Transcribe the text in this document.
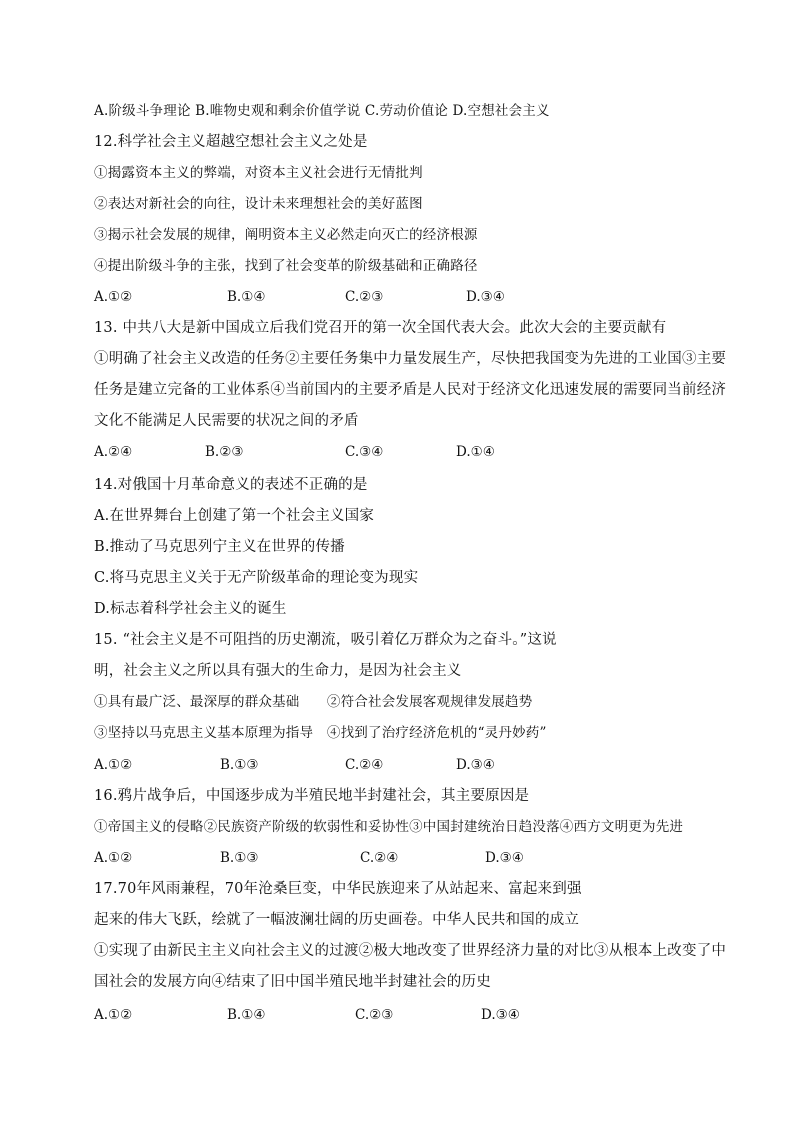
A.阶级斗争理论 B.唯物史观和剩余价值学说 C.劳动价值论 D.空想社会主义
12.科学社会主义超越空想社会主义之处是
①揭露资本主义的弊端，对资本主义社会进行无情批判
②表达对新社会的向往，设计未来理想社会的美好蓝图
③揭示社会发展的规律，阐明资本主义必然走向灭亡的经济根源
④提出阶级斗争的主张，找到了社会变革的阶级基础和正确路径
A.①②	B.①④	C.②③	D.③④
13. 中共八大是新中国成立后我们党召开的第一次全国代表大会。此次大会的主要贡献有
①明确了社会主义改造的任务②主要任务集中力量发展生产，尽快把我国变为先进的工业国③主要
任务是建立完备的工业体系④当前国内的主要矛盾是人民对于经济文化迅速发展的需要同当前经济
文化不能满足人民需要的状况之间的矛盾
A.②④	B.②③	C.③④	D.①④
14.对俄国十月革命意义的表述不正确的是
A.在世界舞台上创建了第一个社会主义国家
B.推动了马克思列宁主义在世界的传播
C.将马克思主义关于无产阶级革命的理论变为现实
D.标志着科学社会主义的诞生
15. “社会主义是不可阻挡的历史潮流，吸引着亿万群众为之奋斗。”这说
明，社会主义之所以具有强大的生命力，是因为社会主义
①具有最广泛、最深厚的群众基础　　②符合社会发展客观规律发展趋势
③坚持以马克思主义基本原理为指导　④找到了治疗经济危机的“灵丹妙药”
A.①②	B.①③	C.②④	D.③④
16.鸦片战争后，中国逐步成为半殖民地半封建社会，其主要原因是
①帝国主义的侵略②民族资产阶级的软弱性和妥协性③中国封建统治日趋没落④西方文明更为先进
A.①②	B.①③	C.②④	D.③④
17.70年风雨兼程，70年沧桑巨变，中华民族迎来了从站起来、富起来到强
起来的伟大飞跃，绘就了一幅波澜壮阔的历史画卷。中华人民共和国的成立
①实现了由新民主主义向社会主义的过渡②极大地改变了世界经济力量的对比③从根本上改变了中
国社会的发展方向④结束了旧中国半殖民地半封建社会的历史
A.①②	B.①④	C.②③	D.③④
